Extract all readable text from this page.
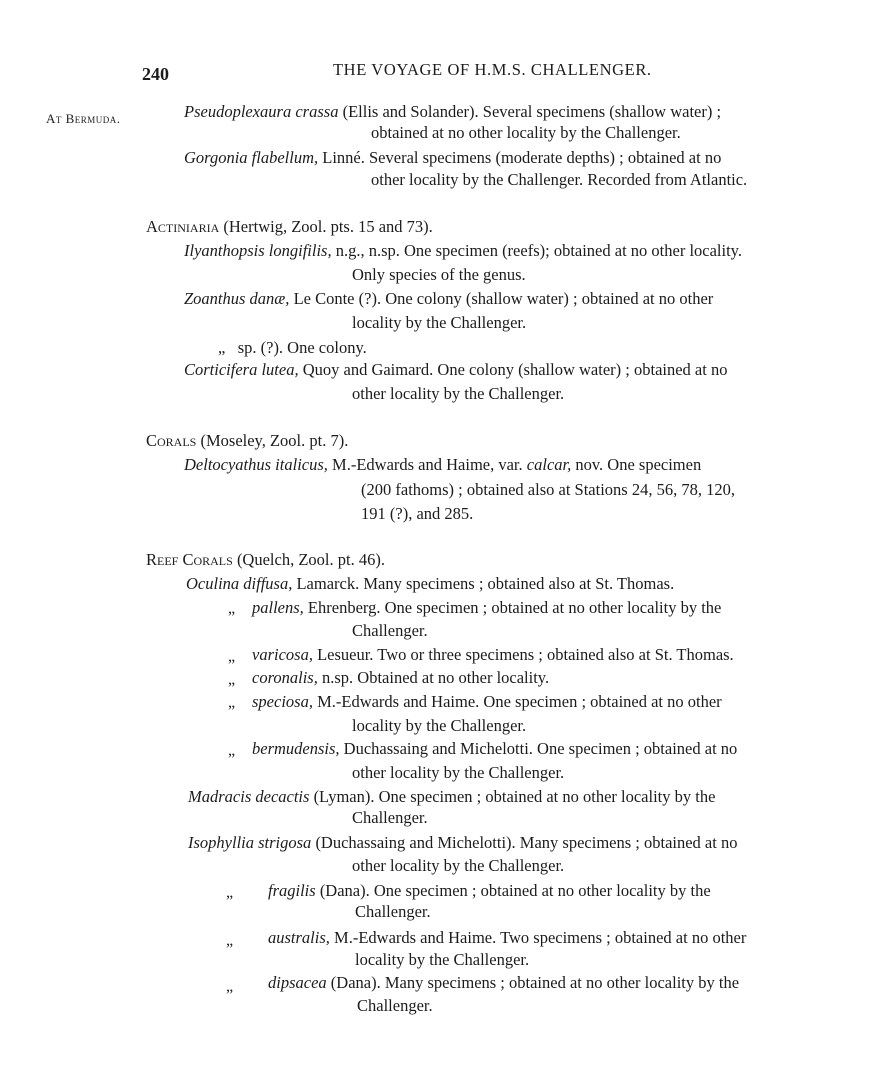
240	THE VOYAGE OF H.M.S. CHALLENGER.
At Bermuda.	Pseudoplexaura crassa (Ellis and Solander). Several specimens (shallow water) ;
obtained at no other locality by the Challenger.
Gorgonia flabellum, Linné. Several specimens (moderate depths) ; obtained at no
other locality by the Challenger. Recorded from Atlantic.
Actiniaria (Hertwig, Zool. pts. 15 and 73).
Ilyanthopsis longifilis, n.g., n.sp. One specimen (reefs); obtained at no other locality.
Only species of the genus.
Zoanthus danæ, Le Conte (?). One colony (shallow water) ; obtained at no other
locality by the Challenger.
„ sp. (?). One colony.
Corticifera lutea, Quoy and Gaimard. One colony (shallow water) ; obtained at no
other locality by the Challenger.
Corals (Moseley, Zool. pt. 7).
Deltocyathus italicus, M.-Edwards and Haime, var. calcar, nov. One specimen
(200 fathoms) ; obtained also at Stations 24, 56, 78, 120,
191 (?), and 285.
Reef Corals (Quelch, Zool. pt. 46).
Oculina diffusa, Lamarck. Many specimens ; obtained also at St. Thomas.
„ pallens, Ehrenberg. One specimen ; obtained at no other locality by the
Challenger.
„ varicosa, Lesueur. Two or three specimens ; obtained also at St. Thomas.
„ coronalis, n.sp. Obtained at no other locality.
„ speciosa, M.-Edwards and Haime. One specimen ; obtained at no other
locality by the Challenger.
„ bermudensis, Duchassaing and Michelotti. One specimen ; obtained at no
other locality by the Challenger.
Madracis decactis (Lyman). One specimen ; obtained at no other locality by the
Challenger.
Isophyllia strigosa (Duchassaing and Michelotti). Many specimens ; obtained at no
other locality by the Challenger.
„ fragilis (Dana). One specimen ; obtained at no other locality by the
Challenger.
„ australis, M.-Edwards and Haime. Two specimens ; obtained at no other
locality by the Challenger.
„ dipsacea (Dana). Many specimens ; obtained at no other locality by the
Challenger.
